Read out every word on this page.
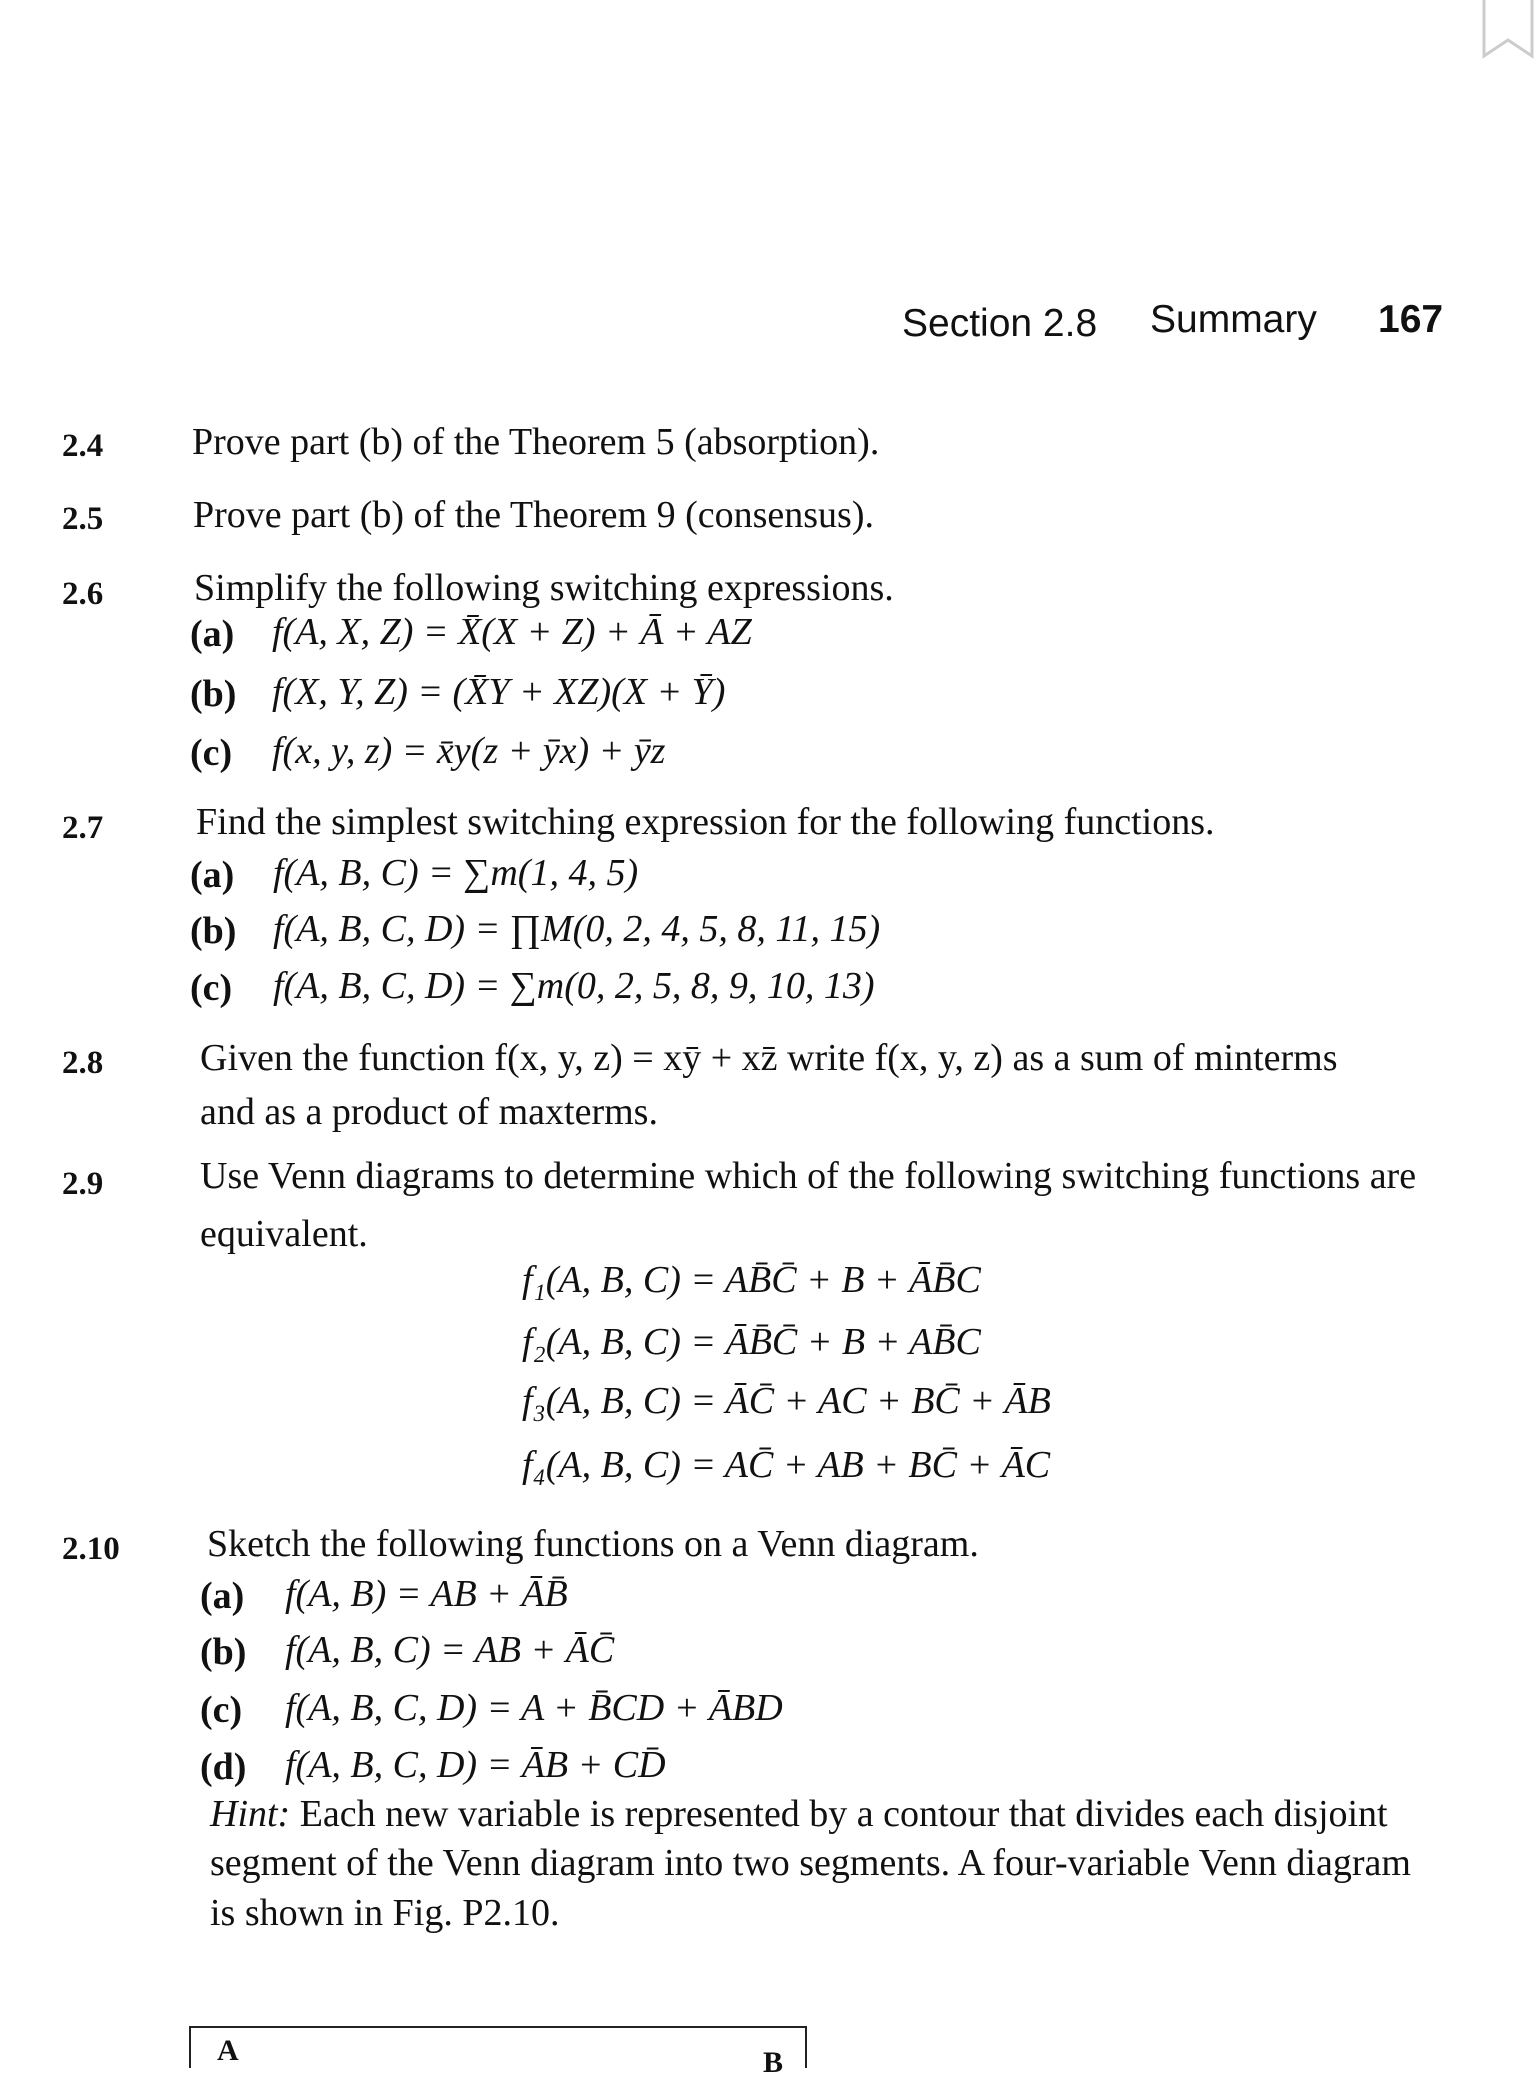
Section 2.8 Summary 167
2.4 Prove part (b) of the Theorem 5 (absorption).
2.5 Prove part (b) of the Theorem 9 (consensus).
2.6 Simplify the following switching expressions.
(a) f(A, X, Z) = X̄(X + Z) + Ā + AZ
(b) f(X, Y, Z) = (X̄Y + XZ)(X + Ȳ)
(c) f(x, y, z) = x̄y(z + ȳx) + ȳz
2.7 Find the simplest switching expression for the following functions.
(a) f(A, B, C) = ∑m(1, 4, 5)
(b) f(A, B, C, D) = ∏M(0, 2, 4, 5, 8, 11, 15)
(c) f(A, B, C, D) = ∑m(0, 2, 5, 8, 9, 10, 13)
2.8	Given the function f(x, y, z) = xȳ + xz̄ write f(x, y, z) as a sum of minterms
and as a product of maxterms.
2.9	Use Venn diagrams to determine which of the following switching functions are
equivalent.
f₁(A, B, C) = AB̄C̄ + B + ĀB̄C
f₂(A, B, C) = ĀB̄C̄ + B + AB̄C
f₃(A, B, C) = ĀC̄ + AC + BC̄ + ĀB
f₄(A, B, C) = AC̄ + AB + BC̄ + ĀC
2.10 Sketch the following functions on a Venn diagram.
(a) f(A, B) = AB + ĀB̄
(b) f(A, B, C) = AB + ĀC̄
(c) f(A, B, C, D) = A + B̄CD + ĀBD
(d) f(A, B, C, D) = ĀB + CD̄
Hint: Each new variable is represented by a contour that divides each disjoint
segment of the Venn diagram into two segments. A four-variable Venn diagram
is shown in Fig. P2.10.
A	B
